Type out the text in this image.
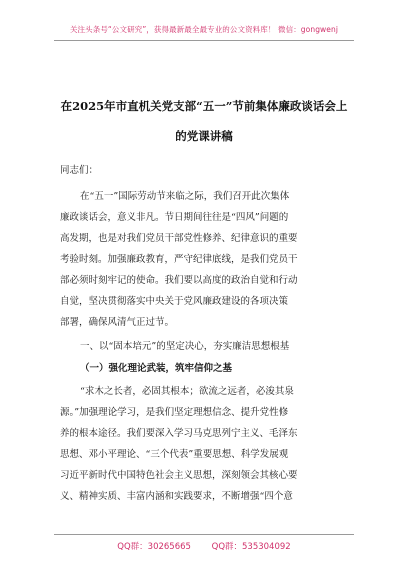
关注头条号“公文研究”，获得最新最全最专业的公文资料库！ 微信：gongwenj
在2025年市直机关党支部“五一”节前集体廉政谈话会上
的党课讲稿
同志们：
在“五一”国际劳动节来临之际，我们召开此次集体
廉政谈话会，意义非凡。节日期间往往是“四风”问题的
高发期，也是对我们党员干部党性修养、纪律意识的重要
考验时刻。加强廉政教育，严守纪律底线，是我们党员干
部必须时刻牢记的使命。我们要以高度的政治自觉和行动
自觉，坚决贯彻落实中央关于党风廉政建设的各项决策
部署，确保风清气正过节。
一、以“固本培元”的坚定决心，夯实廉洁思想根基
（一）强化理论武装，筑牢信仰之基
“求木之长者，必固其根本；欲流之远者，必浚其泉
源。”加强理论学习，是我们坚定理想信念、提升党性修
养的根本途径。我们要深入学习马克思列宁主义、毛泽东
思想、邓小平理论、“三个代表”重要思想、科学发展观
习近平新时代中国特色社会主义思想，深刻领会其核心要
义、精神实质、丰富内涵和实践要求，不断增强“四个意
QQ群：30265665 QQ群：535304092
